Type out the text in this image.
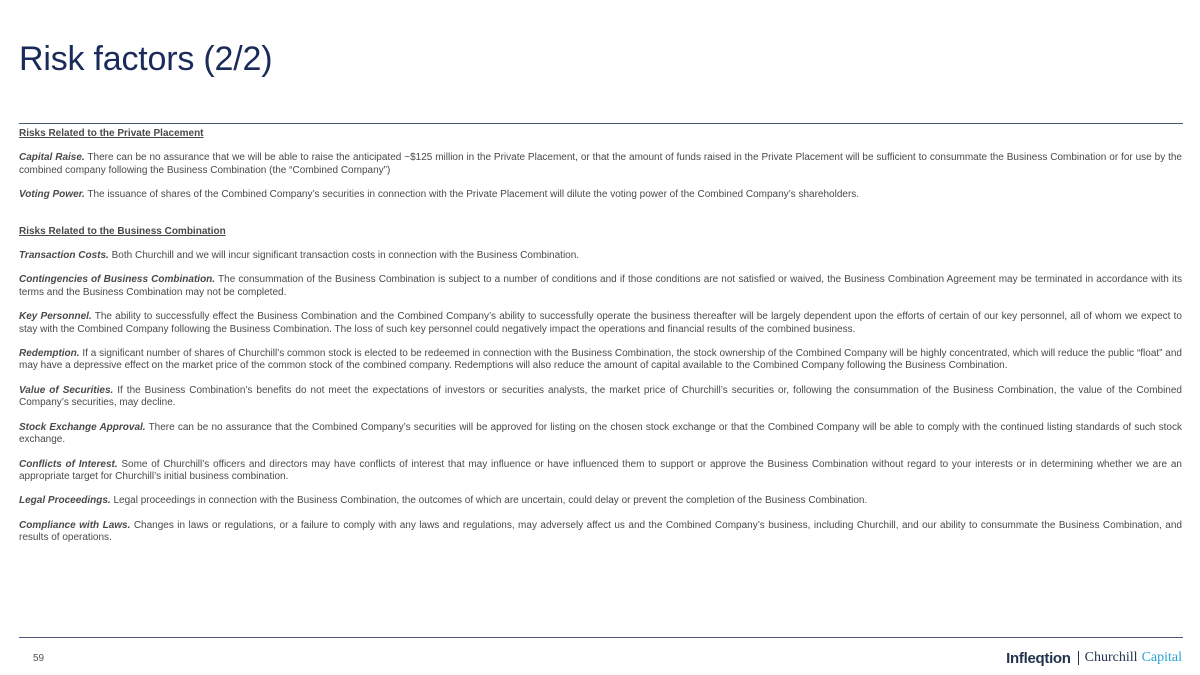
Risk factors (2/2)

Risks Related to the Private Placement

Capital Raise. There can be no assurance that we will be able to raise the anticipated ~$125 million in the Private Placement, or that the amount of funds raised in the Private Placement will be sufficient to consummate the Business Combination or for use by the combined company following the Business Combination (the “Combined Company”)

Voting Power. The issuance of shares of the Combined Company’s securities in connection with the Private Placement will dilute the voting power of the Combined Company’s shareholders.

Risks Related to the Business Combination

Transaction Costs. Both Churchill and we will incur significant transaction costs in connection with the Business Combination.

Contingencies of Business Combination. The consummation of the Business Combination is subject to a number of conditions and if those conditions are not satisfied or waived, the Business Combination Agreement may be terminated in accordance with its terms and the Business Combination may not be completed.

Key Personnel. The ability to successfully effect the Business Combination and the Combined Company’s ability to successfully operate the business thereafter will be largely dependent upon the efforts of certain of our key personnel, all of whom we expect to stay with the Combined Company following the Business Combination. The loss of such key personnel could negatively impact the operations and financial results of the combined business.

Redemption. If a significant number of shares of Churchill’s common stock is elected to be redeemed in connection with the Business Combination, the stock ownership of the Combined Company will be highly concentrated, which will reduce the public “float” and may have a depressive effect on the market price of the common stock of the combined company. Redemptions will also reduce the amount of capital available to the Combined Company following the Business Combination.

Value of Securities. If the Business Combination’s benefits do not meet the expectations of investors or securities analysts, the market price of Churchill’s securities or, following the consummation of the Business Combination, the value of the Combined Company’s securities, may decline.

Stock Exchange Approval. There can be no assurance that the Combined Company’s securities will be approved for listing on the chosen stock exchange or that the Combined Company will be able to comply with the continued listing standards of such stock exchange.

Conflicts of Interest. Some of Churchill’s officers and directors may have conflicts of interest that may influence or have influenced them to support or approve the Business Combination without regard to your interests or in determining whether we are an appropriate target for Churchill’s initial business combination.

Legal Proceedings. Legal proceedings in connection with the Business Combination, the outcomes of which are uncertain, could delay or prevent the completion of the Business Combination.

Compliance with Laws. Changes in laws or regulations, or a failure to comply with any laws and regulations, may adversely affect us and the Combined Company’s business, including Churchill, and our ability to consummate the Business Combination, and results of operations.

59	Infleqtion Churchill Capital
